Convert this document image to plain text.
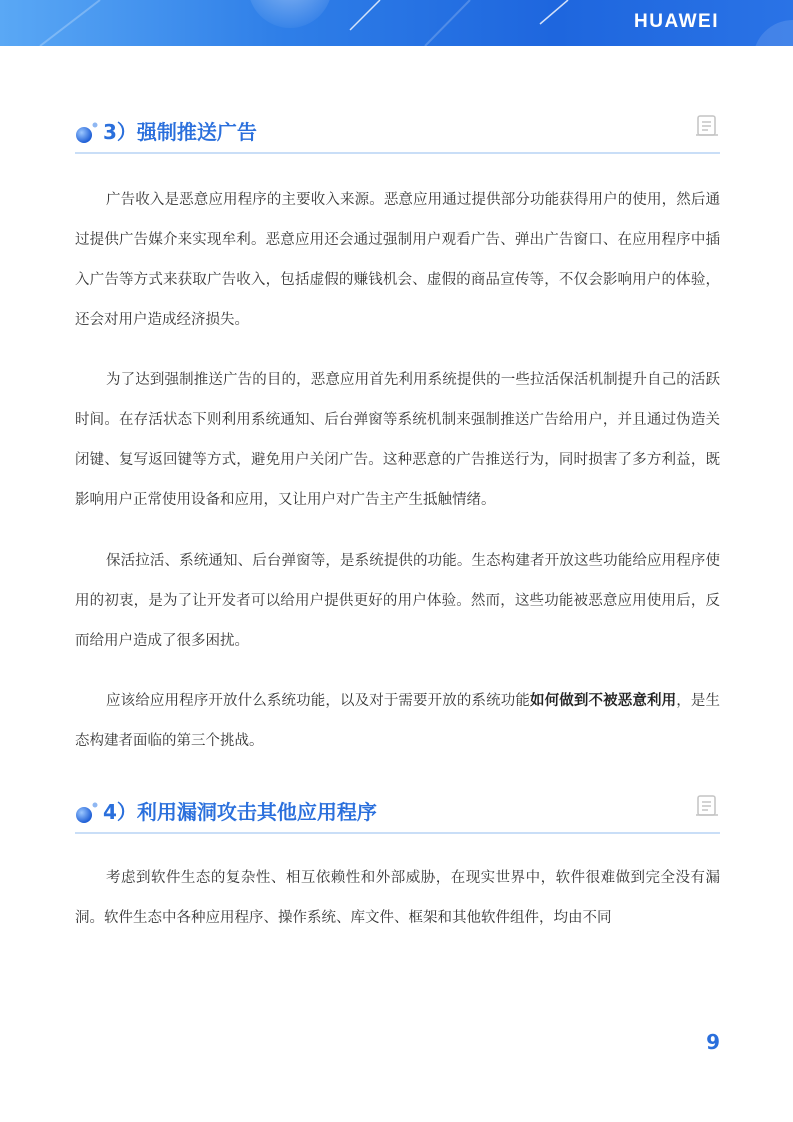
HUAWEI
3）强制推送广告

广告收入是恶意应用程序的主要收入来源。恶意应用通过提供部分功能获得用户的使用，然后通过提供广告媒介来实现牟利。恶意应用还会通过强制用户观看广告、弹出广告窗口、在应用程序中插入广告等方式来获取广告收入，包括虚假的赚钱机会、虚假的商品宣传等，不仅会影响用户的体验，还会对用户造成经济损失。

为了达到强制推送广告的目的，恶意应用首先利用系统提供的一些拉活保活机制提升自己的活跃时间。在存活状态下则利用系统通知、后台弹窗等系统机制来强制推送广告给用户，并且通过伪造关闭键、复写返回键等方式，避免用户关闭广告。这种恶意的广告推送行为，同时损害了多方利益，既影响用户正常使用设备和应用，又让用户对广告主产生抵触情绪。

保活拉活、系统通知、后台弹窗等，是系统提供的功能。生态构建者开放这些功能给应用程序使用的初衷，是为了让开发者可以给用户提供更好的用户体验。然而，这些功能被恶意应用使用后，反而给用户造成了很多困扰。

应该给应用程序开放什么系统功能，以及对于需要开放的系统功能如何做到不被恶意利用，是生态构建者面临的第三个挑战。

4）利用漏洞攻击其他应用程序

考虑到软件生态的复杂性、相互依赖性和外部威胁，在现实世界中，软件很难做到完全没有漏洞。软件生态中各种应用程序、操作系统、库文件、框架和其他软件组件，均由不同

9
